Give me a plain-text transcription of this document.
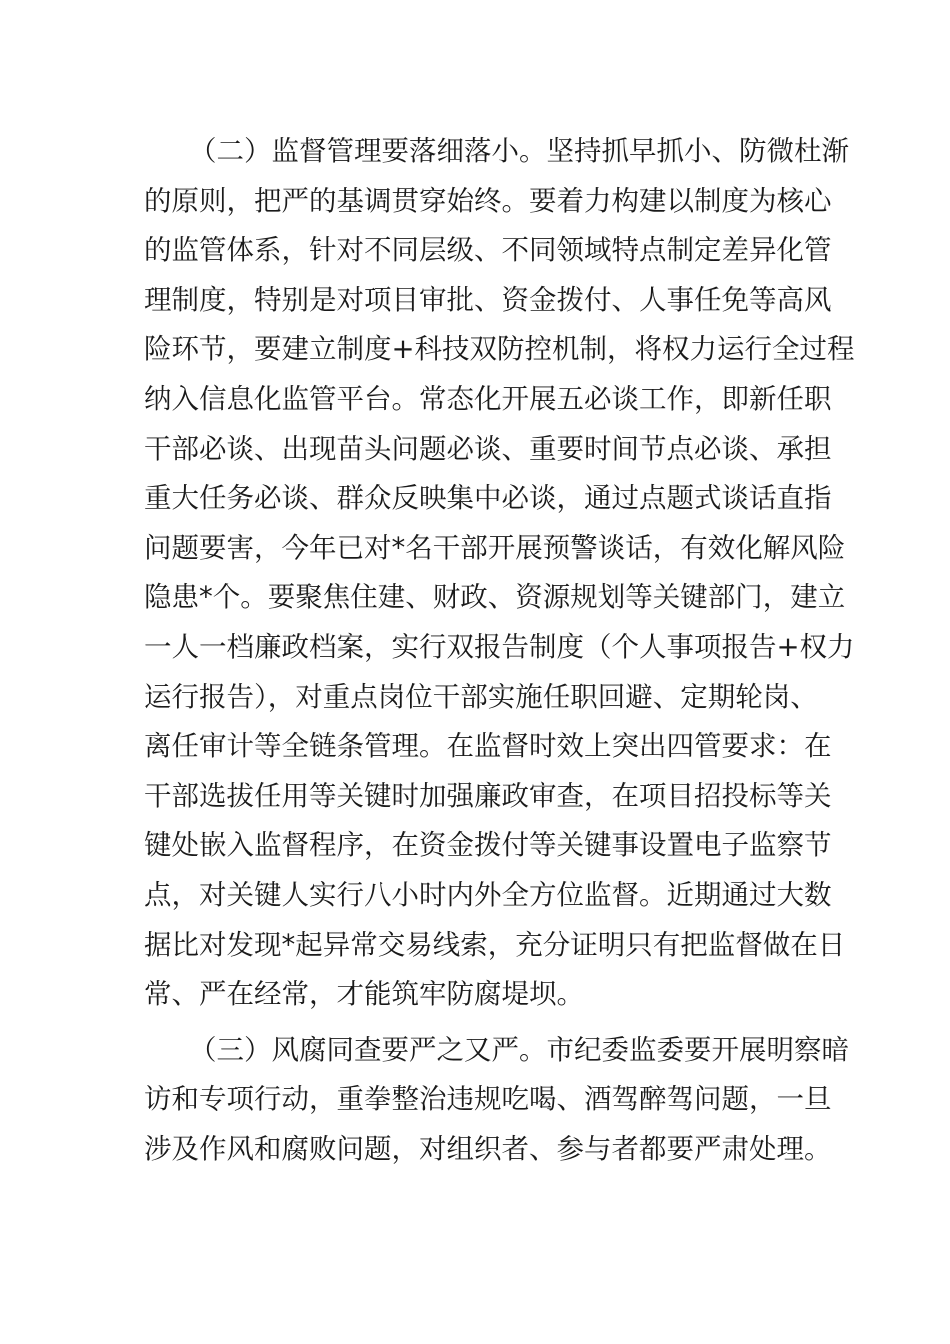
（二）监督管理要落细落小。坚持抓早抓小、防微杜渐
的原则，把严的基调贯穿始终。要着力构建以制度为核心
的监管体系，针对不同层级、不同领域特点制定差异化管
理制度，特别是对项目审批、资金拨付、人事任免等高风
险环节，要建立制度+科技双防控机制，将权力运行全过程
纳入信息化监管平台。常态化开展五必谈工作，即新任职
干部必谈、出现苗头问题必谈、重要时间节点必谈、承担
重大任务必谈、群众反映集中必谈，通过点题式谈话直指
问题要害，今年已对*名干部开展预警谈话，有效化解风险
隐患*个。要聚焦住建、财政、资源规划等关键部门，建立
一人一档廉政档案，实行双报告制度（个人事项报告+权力
运行报告），对重点岗位干部实施任职回避、定期轮岗、
离任审计等全链条管理。在监督时效上突出四管要求：在
干部选拔任用等关键时加强廉政审查，在项目招投标等关
键处嵌入监督程序，在资金拨付等关键事设置电子监察节
点，对关键人实行八小时内外全方位监督。近期通过大数
据比对发现*起异常交易线索，充分证明只有把监督做在日
常、严在经常，才能筑牢防腐堤坝。
（三）风腐同查要严之又严。市纪委监委要开展明察暗
访和专项行动，重拳整治违规吃喝、酒驾醉驾问题，一旦
涉及作风和腐败问题，对组织者、参与者都要严肃处理。
